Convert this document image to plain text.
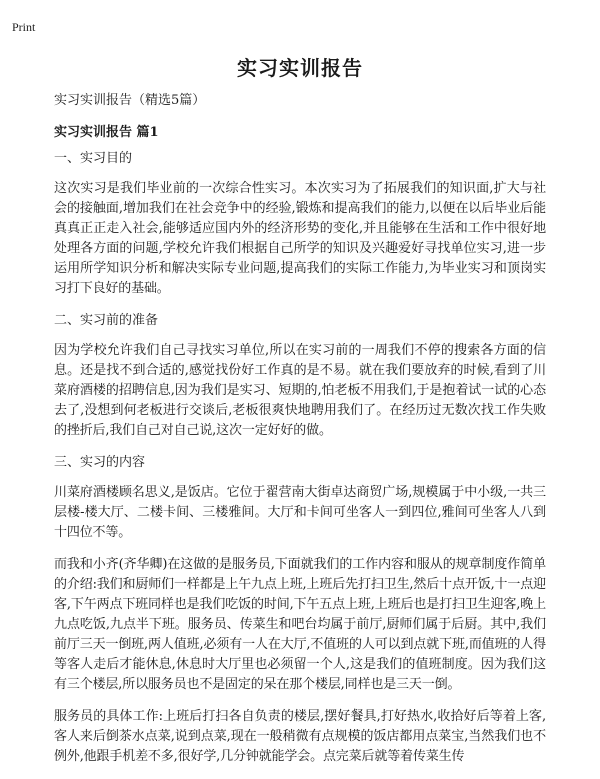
Print
实习实训报告

实习实训报告（精选5篇）

实习实训报告 篇1

一、实习目的

这次实习是我们毕业前的一次综合性实习。本次实习为了拓展我们的知识面,扩大与社会的接触面,增加我们在社会竞争中的经验,锻炼和提高我们的能力,以便在以后毕业后能真真正正走入社会,能够适应国内外的经济形势的变化,并且能够在生活和工作中很好地处理各方面的问题,学校允许我们根据自己所学的知识及兴趣爱好寻找单位实习,进一步运用所学知识分析和解决实际专业问题,提高我们的实际工作能力,为毕业实习和顶岗实习打下良好的基础。

二、实习前的准备

因为学校允许我们自己寻找实习单位,所以在实习前的一周我们不停的搜索各方面的信息。还是找不到合适的,感觉找份好工作真的是不易。就在我们要放弃的时候,看到了川菜府酒楼的招聘信息,因为我们是实习、短期的,怕老板不用我们,于是抱着试一试的心态去了,没想到何老板进行交谈后,老板很爽快地聘用我们了。在经历过无数次找工作失败的挫折后,我们自己对自己说,这次一定好好的做。

三、实习的内容

川菜府酒楼顾名思义,是饭店。它位于翟营南大街卓达商贸广场,规模属于中小级,一共三层楼-楼大厅、二楼卡间、三楼雅间。大厅和卡间可坐客人一到四位,雅间可坐客人八到十四位不等。

而我和小齐(齐华卿)在这做的是服务员,下面就我们的工作内容和服从的规章制度作简单的介绍:我们和厨师们一样都是上午九点上班,上班后先打扫卫生,然后十点开饭,十一点迎客,下午两点下班同样也是我们吃饭的时间,下午五点上班,上班后也是打扫卫生迎客,晚上九点吃饭,九点半下班。服务员、传菜生和吧台均属于前厅,厨师们属于后厨。其中,我们前厅三天一倒班,两人值班,必须有一人在大厅,不值班的人可以到点就下班,而值班的人得等客人走后才能休息,休息时大厅里也必须留一个人,这是我们的值班制度。因为我们这有三个楼层,所以服务员也不是固定的呆在那个楼层,同样也是三天一倒。

服务员的具体工作:上班后打扫各自负责的楼层,摆好餐具,打好热水,收拾好后等着上客,客人来后倒茶水点菜,说到点菜,现在一般稍微有点规模的饭店都用点菜宝,当然我们也不例外,他跟手机差不多,很好学,几分钟就能学会。点完菜后就等着传菜生传
